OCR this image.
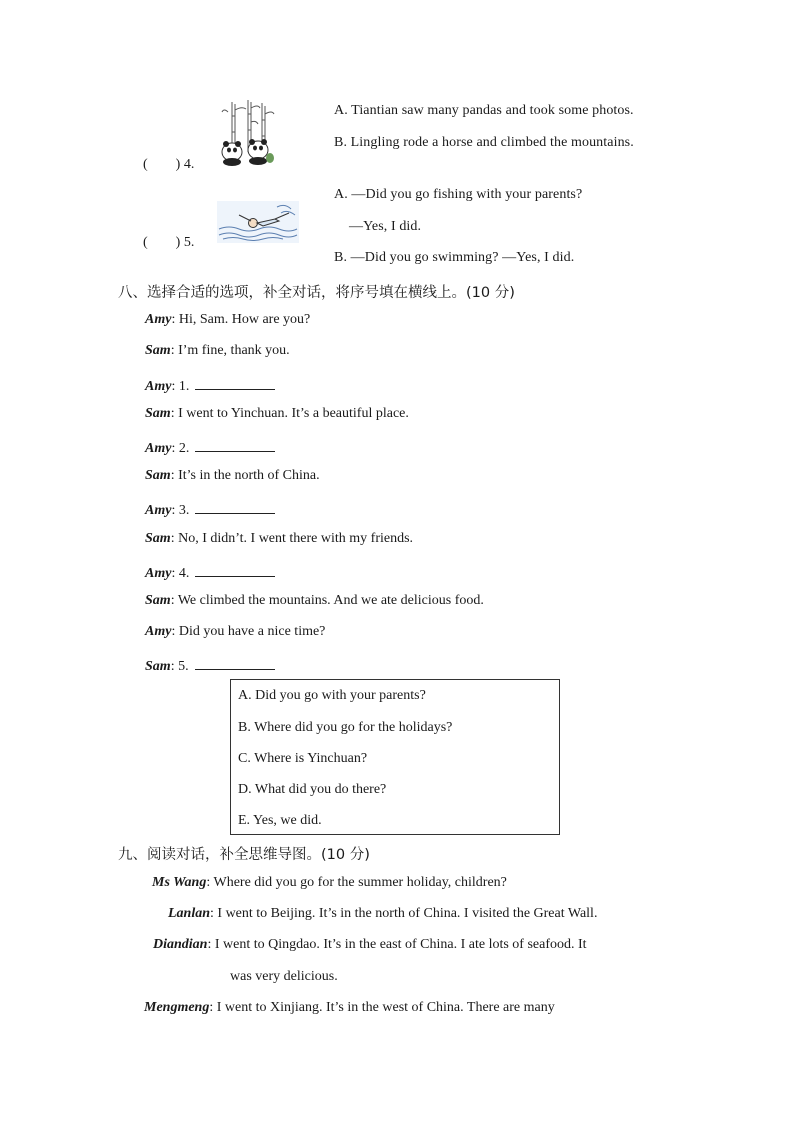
(　　) 4.
A. Tiantian saw many pandas and took some photos.
B. Lingling rode a horse and climbed the mountains.
(　　) 5.
A. —Did you go fishing with your parents?
—Yes, I did.
B. —Did you go swimming? —Yes, I did.
八、选择合适的选项，补全对话，将序号填在横线上。(10 分)
Amy: Hi, Sam. How are you?
Sam: I’m fine, thank you.
Amy: 1.
Sam: I went to Yinchuan. It’s a beautiful place.
Amy: 2.
Sam: It’s in the north of China.
Amy: 3.
Sam: No, I didn’t. I went there with my friends.
Amy: 4.
Sam: We climbed the mountains. And we ate delicious food.
Amy: Did you have a nice time?
Sam: 5.
A. Did you go with your parents?
B. Where did you go for the holidays?
C. Where is Yinchuan?
D. What did you do there?
E. Yes, we did.
九、阅读对话，补全思维导图。(10 分)
Ms Wang: Where did you go for the summer holiday, children?
Lanlan: I went to Beijing. It’s in the north of China. I visited the Great Wall.
Diandian: I went to Qingdao. It’s in the east of China. I ate lots of seafood. It
was very delicious.
Mengmeng: I went to Xinjiang. It’s in the west of China. There are many
